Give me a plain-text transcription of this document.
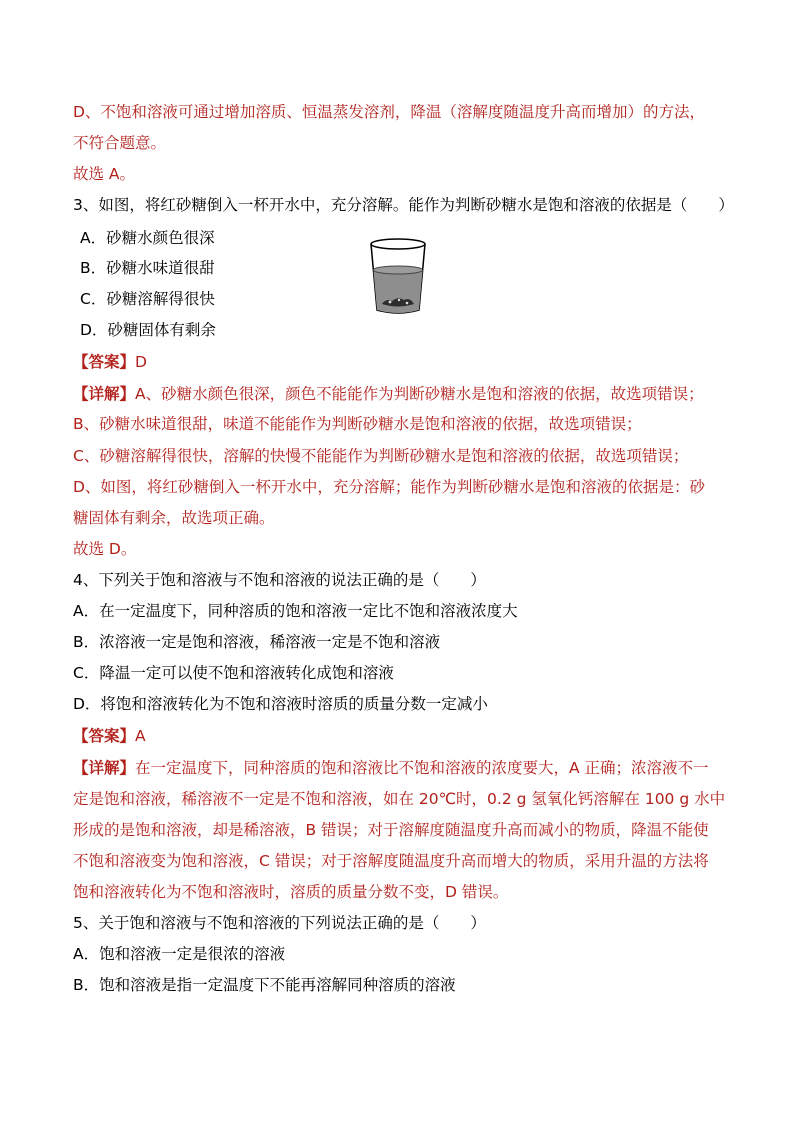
D、不饱和溶液可通过增加溶质、恒温蒸发溶剂，降温（溶解度随温度升高而增加）的方法，
不符合题意。
故选 A。
3、如图，将红砂糖倒入一杯开水中，充分溶解。能作为判断砂糖水是饱和溶液的依据是（　　）
A．砂糖水颜色很深
B．砂糖水味道很甜
C．砂糖溶解得很快
D．砂糖固体有剩余
【答案】D
【详解】A、砂糖水颜色很深，颜色不能能作为判断砂糖水是饱和溶液的依据，故选项错误；
B、砂糖水味道很甜，味道不能能作为判断砂糖水是饱和溶液的依据，故选项错误；
C、砂糖溶解得很快，溶解的快慢不能能作为判断砂糖水是饱和溶液的依据，故选项错误；
D、如图，将红砂糖倒入一杯开水中，充分溶解；能作为判断砂糖水是饱和溶液的依据是：砂
糖固体有剩余，故选项正确。
故选 D。
4、下列关于饱和溶液与不饱和溶液的说法正确的是（　　）
A．在一定温度下，同种溶质的饱和溶液一定比不饱和溶液浓度大
B．浓溶液一定是饱和溶液，稀溶液一定是不饱和溶液
C．降温一定可以使不饱和溶液转化成饱和溶液
D．将饱和溶液转化为不饱和溶液时溶质的质量分数一定减小
【答案】A
【详解】在一定温度下，同种溶质的饱和溶液比不饱和溶液的浓度要大，A 正确；浓溶液不一
定是饱和溶液，稀溶液不一定是不饱和溶液，如在 20℃时，0.2 g 氢氧化钙溶解在 100 g 水中
形成的是饱和溶液，却是稀溶液，B 错误；对于溶解度随温度升高而减小的物质，降温不能使
不饱和溶液变为饱和溶液，C 错误；对于溶解度随温度升高而增大的物质，采用升温的方法将
饱和溶液转化为不饱和溶液时，溶质的质量分数不变，D 错误。
5、关于饱和溶液与不饱和溶液的下列说法正确的是（　　）
A．饱和溶液一定是很浓的溶液
B．饱和溶液是指一定温度下不能再溶解同种溶质的溶液
